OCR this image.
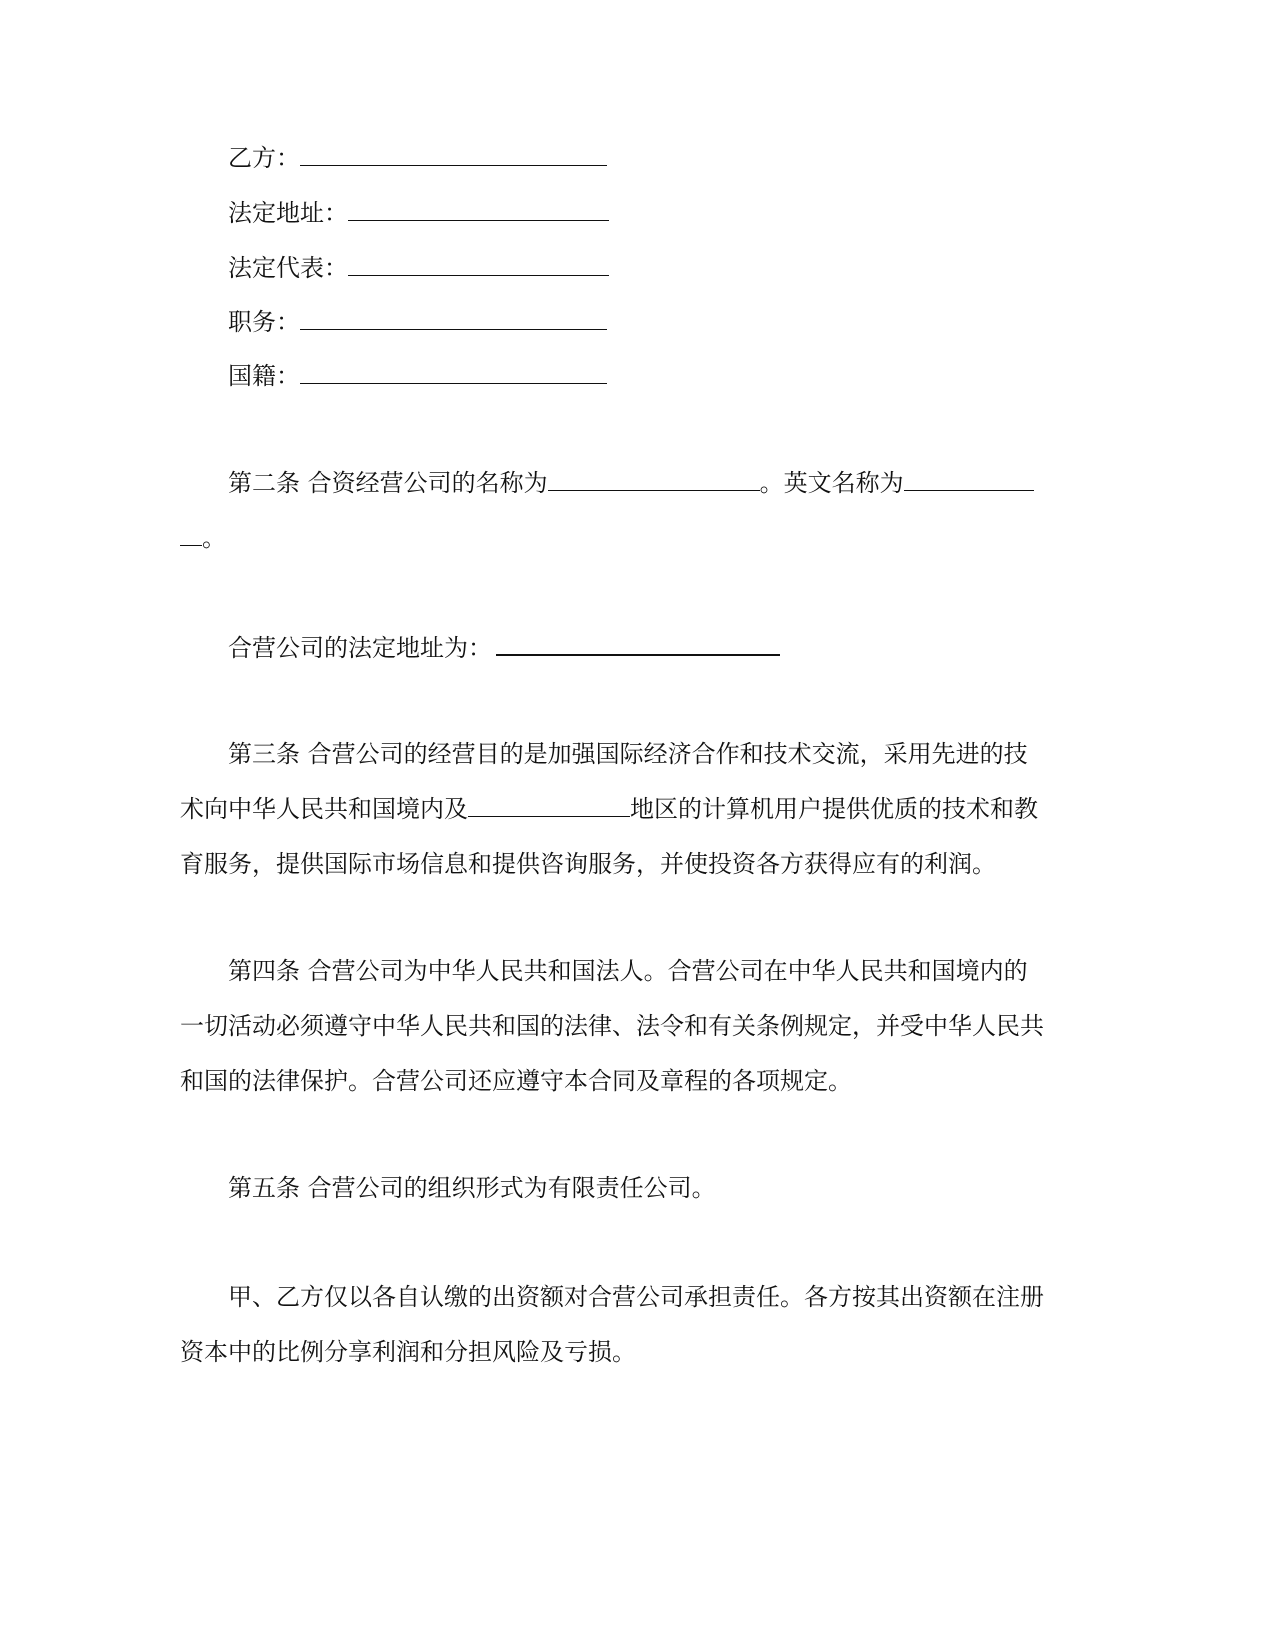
乙方：
法定地址：
法定代表：
职务：
国籍：
第二条 合资经营公司的名称为	。英文名称为
。
合营公司的法定地址为：
第三条 合营公司的经营目的是加强国际经济合作和技术交流，采用先进的技
术向中华人民共和国境内及	地区的计算机用户提供优质的技术和教
育服务，提供国际市场信息和提供咨询服务，并使投资各方获得应有的利润。
第四条 合营公司为中华人民共和国法人。合营公司在中华人民共和国境内的
一切活动必须遵守中华人民共和国的法律、法令和有关条例规定，并受中华人民共
和国的法律保护。合营公司还应遵守本合同及章程的各项规定。
第五条 合营公司的组织形式为有限责任公司。
甲、乙方仅以各自认缴的出资额对合营公司承担责任。各方按其出资额在注册
资本中的比例分享利润和分担风险及亏损。
